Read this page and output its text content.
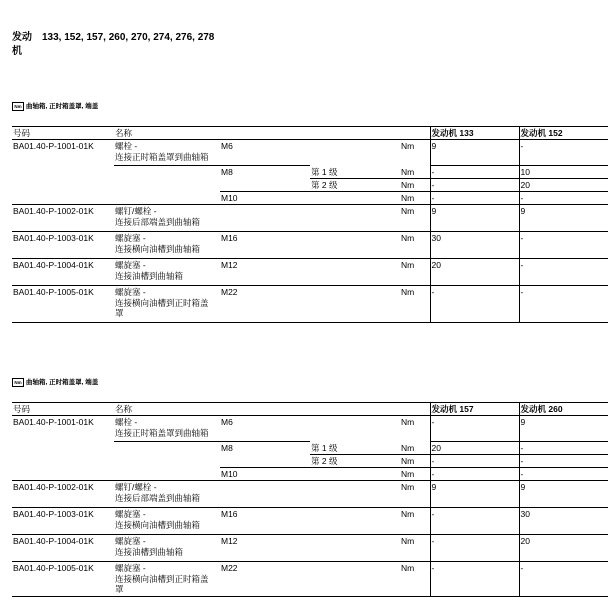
发动机
133, 152, 157, 260, 270, 274, 276, 278
Nm 曲轴箱, 正时箱盖罩, 端盖
号码	名称				发动机 133	发动机 152
BA01.40-P-1001-01K	螺栓 -
连接正时箱盖罩到曲轴箱	M6		Nm	9	-
		M8	第 1 级	Nm	-	10
			第 2 级	Nm	-	20
		M10		Nm	-	-
BA01.40-P-1002-01K	螺钉/螺栓 -
连接后部端盖到曲轴箱			Nm	9	9
BA01.40-P-1003-01K	螺旋塞 -
连接横向油槽到曲轴箱	M16		Nm	30	-
BA01.40-P-1004-01K	螺旋塞 -
连接油槽到曲轴箱	M12		Nm	20	-
BA01.40-P-1005-01K	螺旋塞 -
连接横向油槽到正时箱盖
罩	M22		Nm	-	-
Nm 曲轴箱, 正时箱盖罩, 端盖
号码	名称				发动机 157	发动机 260
BA01.40-P-1001-01K	螺栓 -
连接正时箱盖罩到曲轴箱	M6		Nm	-	9
		M8	第 1 级	Nm	20	-
			第 2 级	Nm	-	-
		M10		Nm	-	-
BA01.40-P-1002-01K	螺钉/螺栓 -
连接后部端盖到曲轴箱			Nm	9	9
BA01.40-P-1003-01K	螺旋塞 -
连接横向油槽到曲轴箱	M16		Nm	-	30
BA01.40-P-1004-01K	螺旋塞 -
连接油槽到曲轴箱	M12		Nm	-	20
BA01.40-P-1005-01K	螺旋塞 -
连接横向油槽到正时箱盖
罩	M22		Nm	-	-
